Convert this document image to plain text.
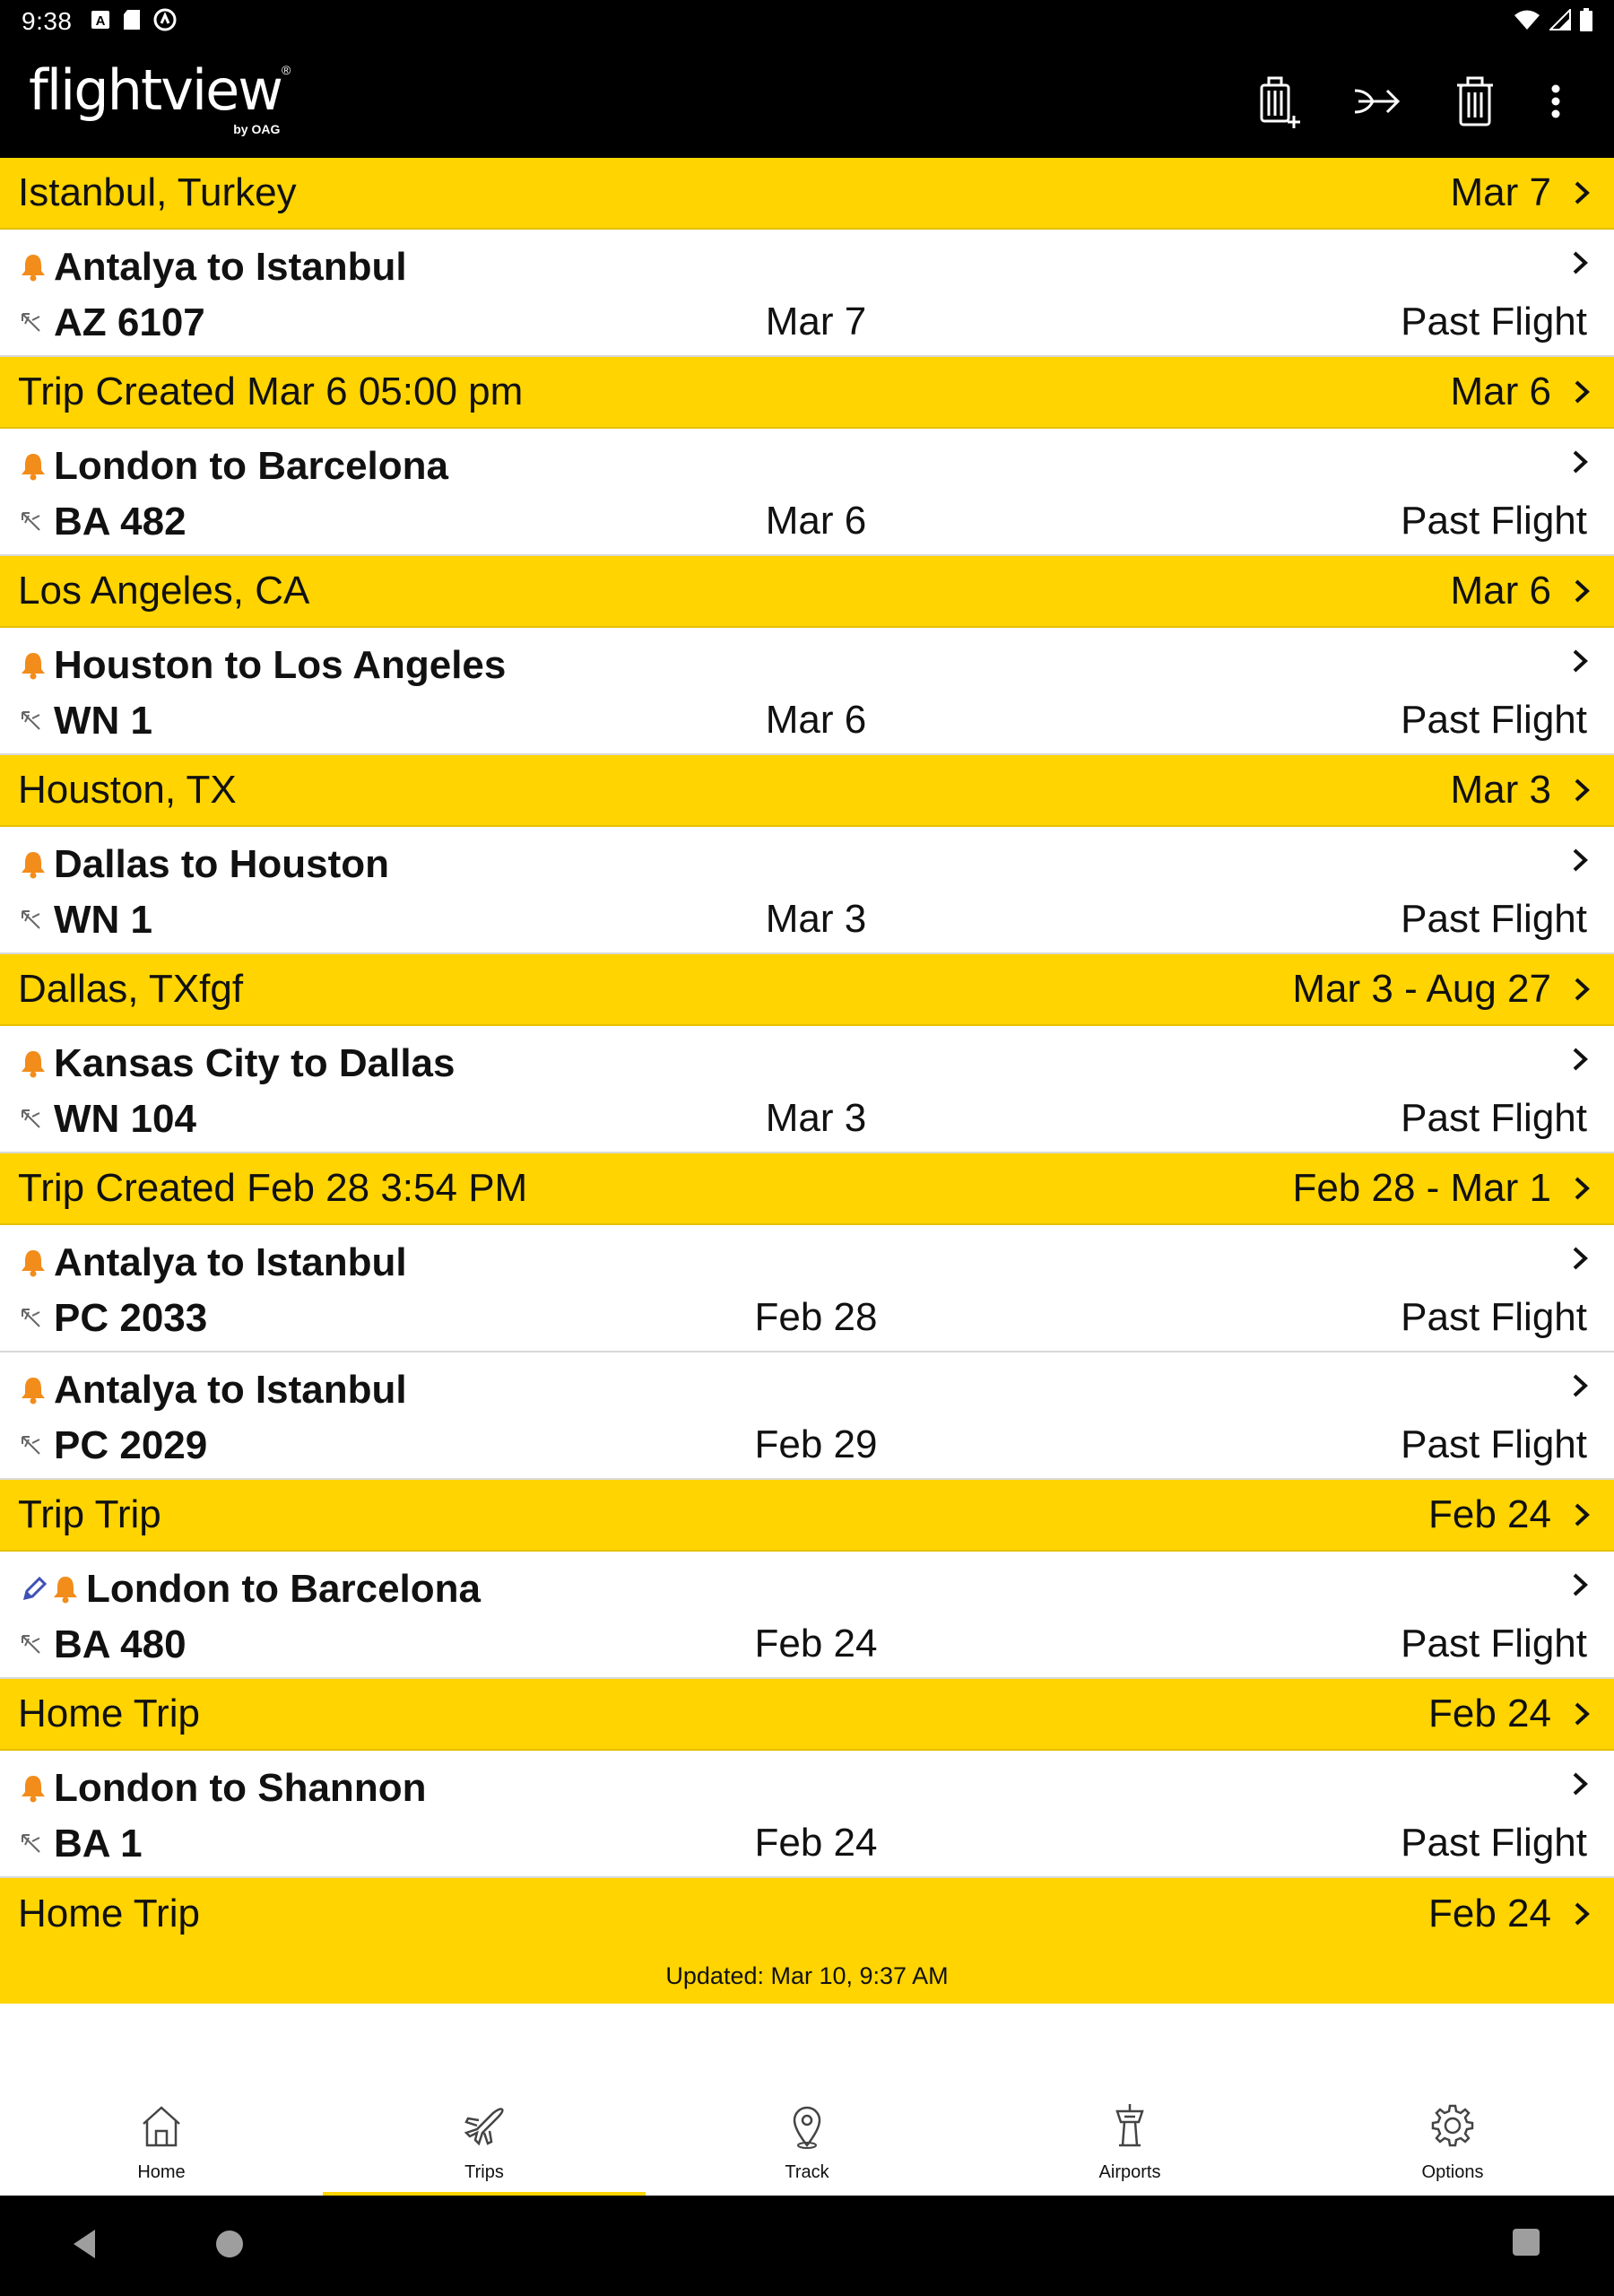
9:38 A
flightview®
by OAG
Istanbul, Turkey	Mar 7
Antalya to Istanbul
AZ 6107	Mar 7	Past Flight
Trip Created Mar 6 05:00 pm	Mar 6
London to Barcelona
BA 482	Mar 6	Past Flight
Los Angeles, CA	Mar 6
Houston to Los Angeles
WN 1	Mar 6	Past Flight
Houston, TX	Mar 3
Dallas to Houston
WN 1	Mar 3	Past Flight
Dallas, TXfgf	Mar 3 - Aug 27
Kansas City to Dallas
WN 104	Mar 3	Past Flight
Trip Created Feb 28 3:54 PM	Feb 28 - Mar 1
Antalya to Istanbul
PC 2033	Feb 28	Past Flight
Antalya to Istanbul
PC 2029	Feb 29	Past Flight
Trip Trip	Feb 24
London to Barcelona
BA 480	Feb 24	Past Flight
Home Trip	Feb 24
London to Shannon
BA 1	Feb 24	Past Flight
Home Trip	Feb 24
Updated: Mar 10, 9:37 AM
Home	Trips	Track	Airports	Options
